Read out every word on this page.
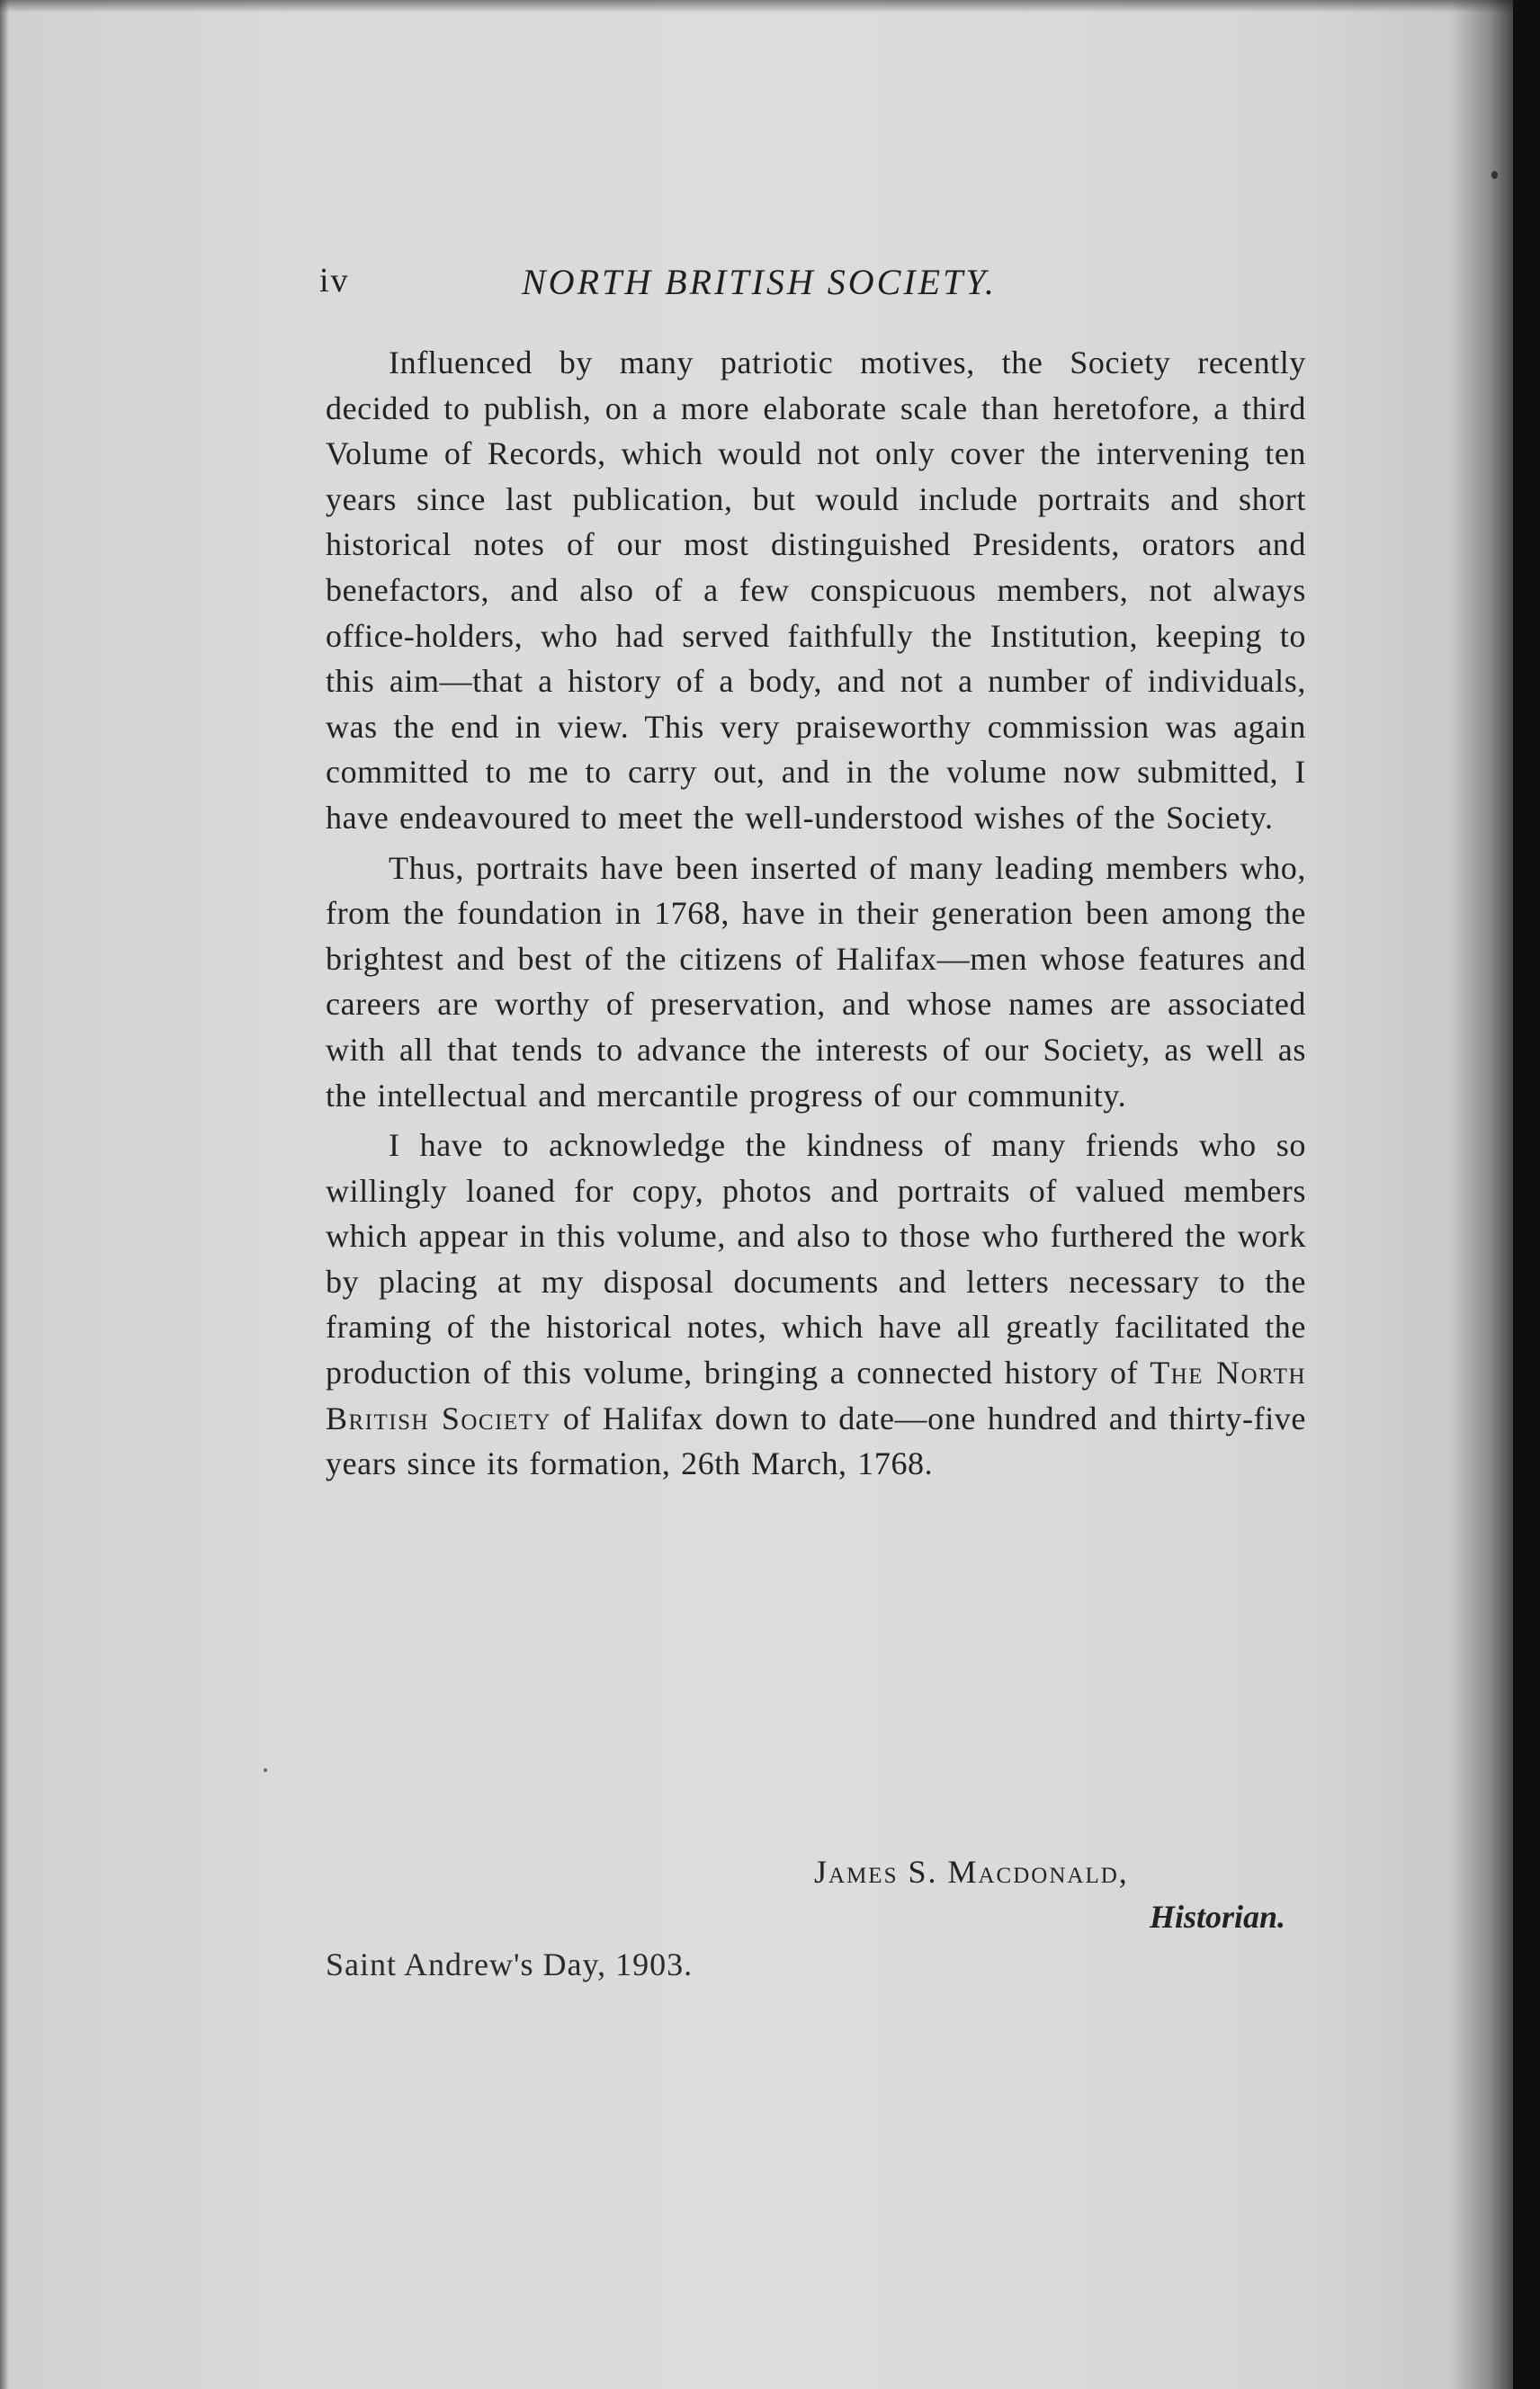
iv	NORTH BRITISH SOCIETY.

Influenced by many patriotic motives, the Society recently decided to publish, on a more elaborate scale than heretofore, a third Volume of Records, which would not only cover the intervening ten years since last publication, but would include portraits and short historical notes of our most distinguished Presidents, orators and benefactors, and also of a few conspicuous members, not always office-holders, who had served faithfully the Institution, keeping to this aim—that a history of a body, and not a number of individuals, was the end in view. This very praiseworthy commission was again committed to me to carry out, and in the volume now submitted, I have endeavoured to meet the well-understood wishes of the Society.

Thus, portraits have been inserted of many leading members who, from the foundation in 1768, have in their generation been among the brightest and best of the citizens of Halifax—men whose features and careers are worthy of preservation, and whose names are associated with all that tends to advance the interests of our Society, as well as the intellectual and mercantile progress of our community.

I have to acknowledge the kindness of many friends who so willingly loaned for copy, photos and portraits of valued members which appear in this volume, and also to those who furthered the work by placing at my disposal documents and letters necessary to the framing of the historical notes, which have all greatly facilitated the production of this volume, bringing a connected history of The North British Society of Halifax down to date—one hundred and thirty-five years since its formation, 26th March, 1768.

James S. Macdonald,
Historian.
Saint Andrew's Day, 1903.
